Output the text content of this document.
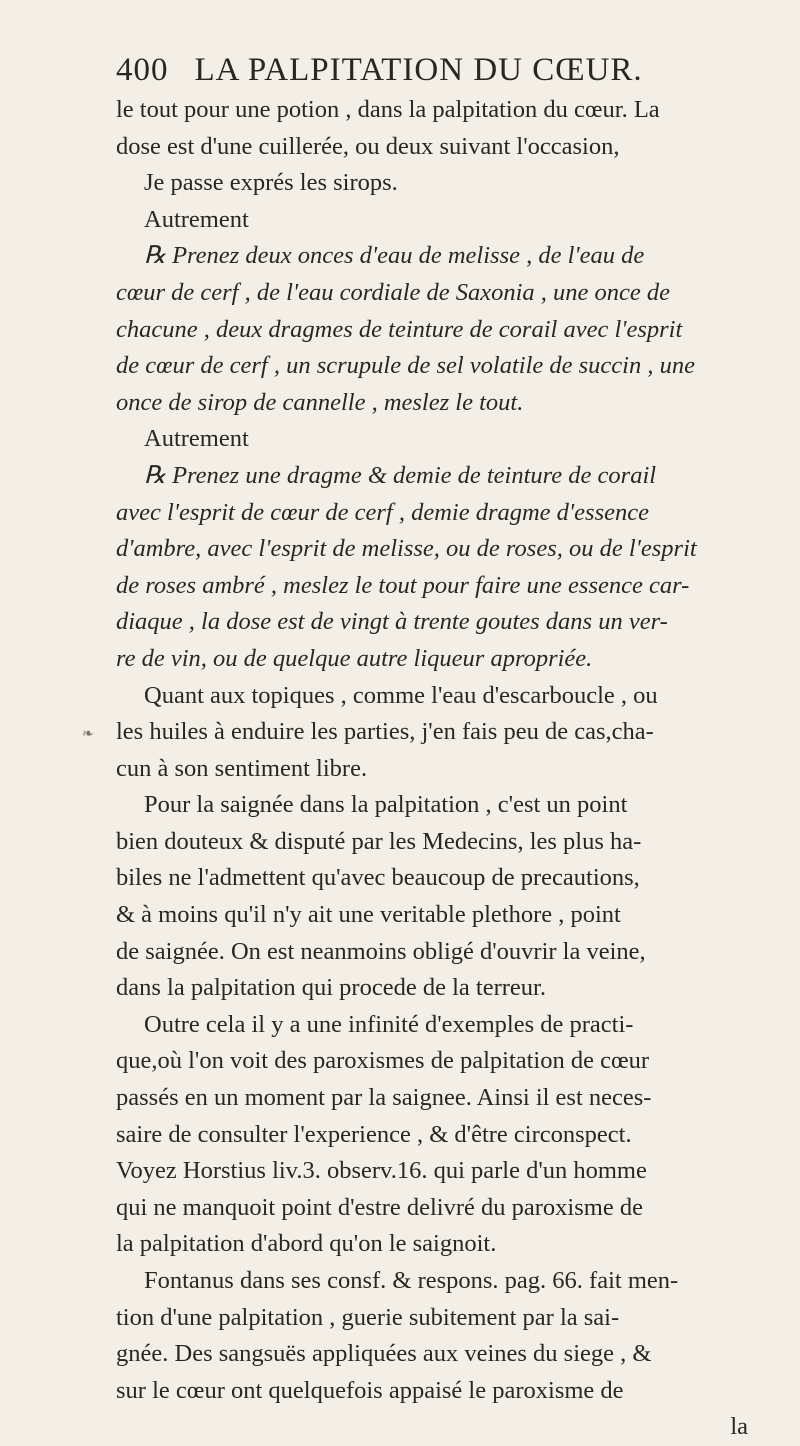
400 LA PALPITATION DU CŒUR.
❧
le tout pour une potion , dans la palpitation du cœur. La
dose est d'une cuillerée, ou deux suivant l'occasion,
Je passe exprés les sirops.
Autrement
℞ Prenez deux onces d'eau de melisse , de l'eau de
cœur de cerf , de l'eau cordiale de Saxonia , une once de
chacune , deux dragmes de teinture de corail avec l'esprit
de cœur de cerf , un scrupule de sel volatile de succin , une
once de sirop de cannelle , meslez le tout.
Autrement
℞ Prenez une dragme & demie de teinture de corail
avec l'esprit de cœur de cerf , demie dragme d'essence
d'ambre, avec l'esprit de melisse, ou de roses, ou de l'esprit
de roses ambré , meslez le tout pour faire une essence car-
diaque , la dose est de vingt à trente goutes dans un ver-
re de vin, ou de quelque autre liqueur apropriée.
Quant aux topiques , comme l'eau d'escarboucle , ou
les huiles à enduire les parties, j'en fais peu de cas,cha-
cun à son sentiment libre.
Pour la saignée dans la palpitation , c'est un point
bien douteux & disputé par les Medecins, les plus ha-
biles ne l'admettent qu'avec beaucoup de precautions,
& à moins qu'il n'y ait une veritable plethore , point
de saignée. On est neanmoins obligé d'ouvrir la veine,
dans la palpitation qui procede de la terreur.
Outre cela il y a une infinité d'exemples de practi-
que,où l'on voit des paroxismes de palpitation de cœur
passés en un moment par la saignee. Ainsi il est neces-
saire de consulter l'experience , & d'être circonspect.
Voyez Horstius liv.3. observ.16. qui parle d'un homme
qui ne manquoit point d'estre delivré du paroxisme de
la palpitation d'abord qu'on le saignoit.
Fontanus dans ses consf. & respons. pag. 66. fait men-
tion d'une palpitation , guerie subitement par la sai-
gnée. Des sangsuës appliquées aux veines du siege , &
sur le cœur ont quelquefois appaisé le paroxisme de
la
